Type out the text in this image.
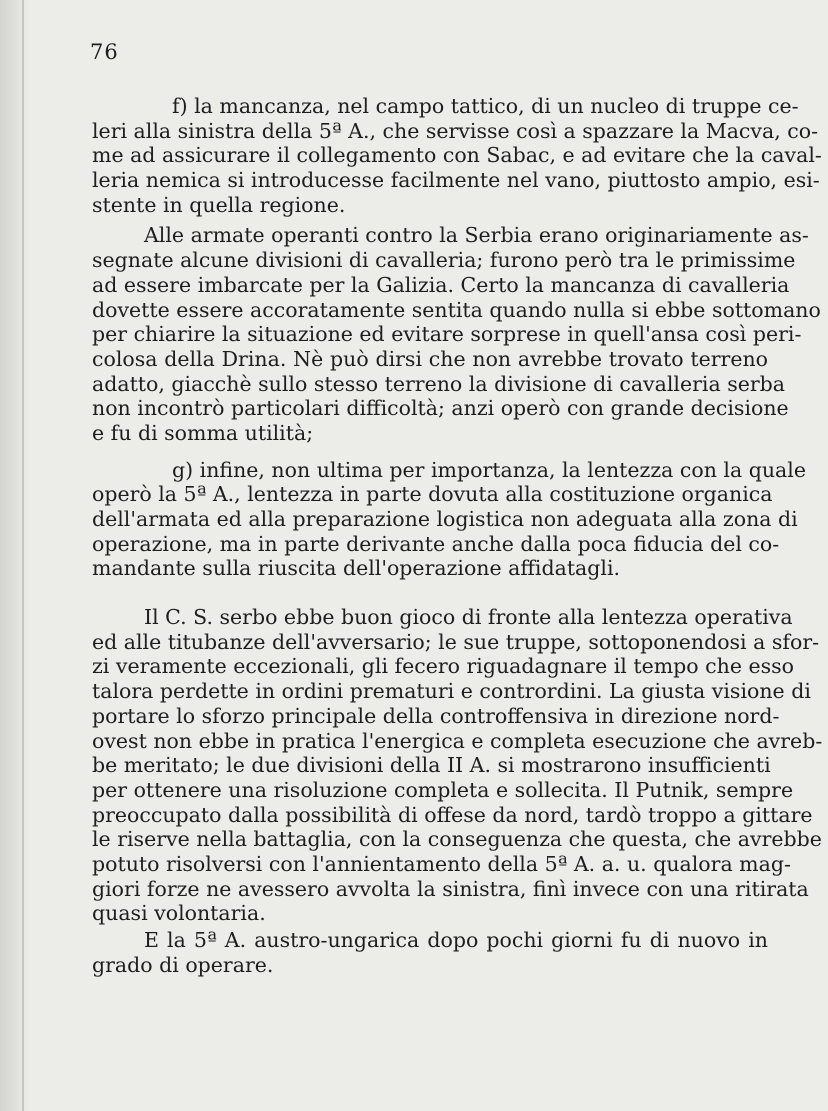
76
f) la mancanza, nel campo tattico, di un nucleo di truppe ce-
leri alla sinistra della 5ª A., che servisse così a spazzare la Macva, co-
me ad assicurare il collegamento con Sabac, e ad evitare che la caval-
leria nemica si introducesse facilmente nel vano, piuttosto ampio, esi-
stente in quella regione.
Alle armate operanti contro la Serbia erano originariamente as-
segnate alcune divisioni di cavalleria; furono però tra le primissime
ad essere imbarcate per la Galizia. Certo la mancanza di cavalleria
dovette essere accoratamente sentita quando nulla si ebbe sottomano
per chiarire la situazione ed evitare sorprese in quell'ansa così peri-
colosa della Drina. Nè può dirsi che non avrebbe trovato terreno
adatto, giacchè sullo stesso terreno la divisione di cavalleria serba
non incontrò particolari difficoltà; anzi operò con grande decisione
e fu di somma utilità;
g) infine, non ultima per importanza, la lentezza con la quale
operò la 5ª A., lentezza in parte dovuta alla costituzione organica
dell'armata ed alla preparazione logistica non adeguata alla zona di
operazione, ma in parte derivante anche dalla poca fiducia del co-
mandante sulla riuscita dell'operazione affidatagli.
Il C. S. serbo ebbe buon gioco di fronte alla lentezza operativa
ed alle titubanze dell'avversario; le sue truppe, sottoponendosi a sfor-
zi veramente eccezionali, gli fecero riguadagnare il tempo che esso
talora perdette in ordini prematuri e contrordini. La giusta visione di
portare lo sforzo principale della controffensiva in direzione nord-
ovest non ebbe in pratica l'energica e completa esecuzione che avreb-
be meritato; le due divisioni della II A. si mostrarono insufficienti
per ottenere una risoluzione completa e sollecita. Il Putnik, sempre
preoccupato dalla possibilità di offese da nord, tardò troppo a gittare
le riserve nella battaglia, con la conseguenza che questa, che avrebbe
potuto risolversi con l'annientamento della 5ª A. a. u. qualora mag-
giori forze ne avessero avvolta la sinistra, finì invece con una ritirata
quasi volontaria.
E la 5ª A. austro-ungarica dopo pochi giorni fu di nuovo in
grado di operare.
